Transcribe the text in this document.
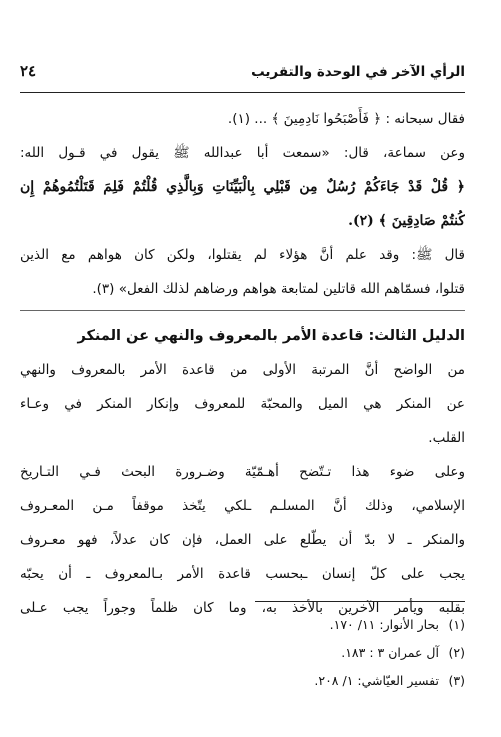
الرأي الآخر في الوحدة والتقريب
٢٤
فقال سبحانه : ﴿ فَأَصْبَحُوا نَادِمِينَ ﴾ ... (١).
وعن سماعة، قال: «سمعت أبا عبدالله ﷺ يقول في قـول الله:
﴿ قُلْ قَدْ جَاءَكُمْ رُسُلٌ مِن قَبْلِي بِالْبَيِّنَاتِ وَبِالَّذِي قُلْتُمْ فَلِمَ قَتَلْتُمُوهُمْ إِن
كُنتُمْ صَادِقِينَ ﴾ (٢).
قال ﷺ: وقد علم أنَّ هؤلاء لم يقتلوا، ولكن كان هواهم مع الذين
قتلوا، فسمّاهم الله قاتلين لمتابعة هواهم ورضاهم لذلك الفعل» (٣).
الدليل الثالث: قاعدة الأمر بالمعروف والنهي عن المنكر
من الواضح أنَّ المرتبة الأولى من قاعدة الأمر بالمعروف والنهي
عن المنكر هي الميل والمحبّة للمعروف وإنكار المنكر في وعـاء
القلب.
وعلى ضوء هذا تـتّضح أهـمّيّة وضـرورة البحث فـي التـاريخ
الإسلامي، وذلك أنَّ المسلـم ـلكي يتّخذ موقفاً مـن المعـروف
والمنكر ـ لا بدّ أن يطّلع على العمل، فإن كان عدلاً، فهو معـروف
يجب على كلّ إنسان ـبحسب قاعدة الأمر بـالمعروف ـ أن يحبّه
بقلبه ويأمر الآخرين بالأخذ به، وما كان ظلماً وجوراً يجب عـلى
(١)بحار الأنوار: ١١/ ١٧٠.
(٢)آل عمران ٣ : ١٨٣.
(٣)تفسير العيّاشي: ١/ ٢٠٨.
